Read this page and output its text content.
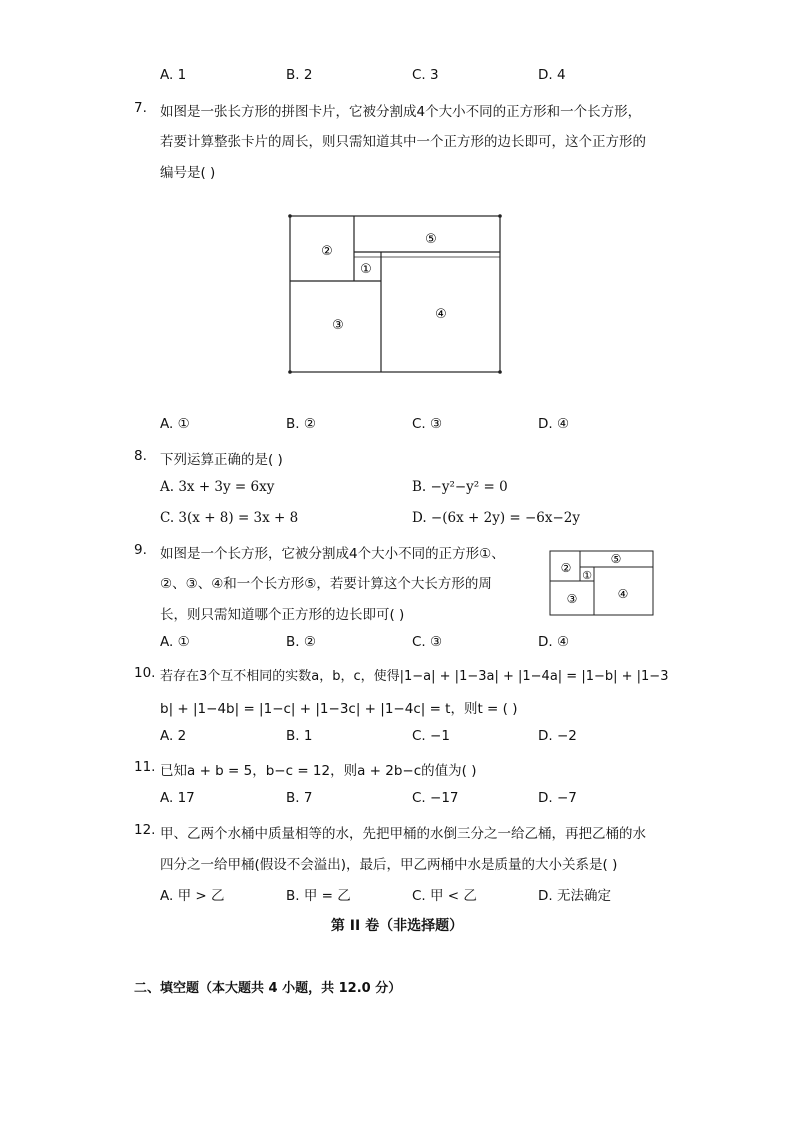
A. 1	B. 2	C. 3	D. 4
7. 如图是一张长方形的拼图卡片，它被分割成4个大小不同的正方形和一个长方形，
若要计算整张卡片的周长，则只需知道其中一个正方形的边长即可，这个正方形的
编号是( )
①
②
③
④
⑤
A. ①	B. ②	C. ③	D. ④
8. 下列运算正确的是( )
A. 3x + 3y = 6xy	B. −y²−y² = 0
C. 3(x + 8) = 3x + 8	D. −(6x + 2y) = −6x−2y
9. 如图是一个长方形，它被分割成4个大小不同的正方形①、
②、③、④和一个长方形⑤，若要计算这个大长方形的周
长，则只需知道哪个正方形的边长即可( )
②
①
⑤
③	④
A. ①	B. ②	C. ③	D. ④
10. 若存在3个互不相同的实数a，b，c，使得|1−a| + |1−3a| + |1−4a| = |1−b| + |1−3
b| + |1−4b| = |1−c| + |1−3c| + |1−4c| = t，则t = ( )
A. 2	B. 1	C. −1	D. −2
11. 已知a + b = 5，b−c = 12，则a + 2b−c的值为( )
A. 17	B. 7	C. −17	D. −7
12. 甲、乙两个水桶中质量相等的水，先把甲桶的水倒三分之一给乙桶，再把乙桶的水
四分之一给甲桶(假设不会溢出)，最后，甲乙两桶中水是质量的大小关系是( )
A. 甲 > 乙	B. 甲 = 乙	C. 甲 < 乙	D. 无法确定
第 II 卷（非选择题）
二、填空题（本大题共 4 小题，共 12.0 分）
